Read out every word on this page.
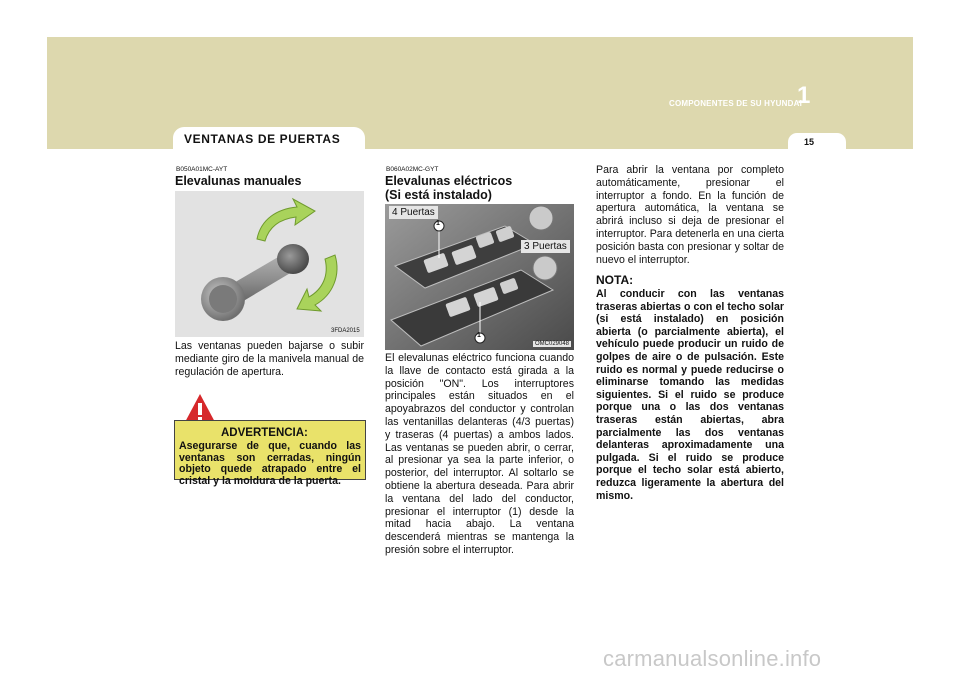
COMPONENTES DE SU HYUNDAI
1
15
VENTANAS DE PUERTAS
B050A01MC-AYT
Elevalunas manuales
3FDA2015
Las ventanas pueden bajarse o subir mediante giro de la manivela manual de regulación de apertura.
ADVERTENCIA:
Asegurarse de que, cuando las ventanas son cerradas, ningún objeto quede atrapado entre el cristal y la moldura de la puerta.
B060A02MC-GYT
Elevalunas eléctricos
(Si está instalado)
1
1
4 Puertas
3 Puertas
OMC029048
El elevalunas eléctrico funciona cuando la llave de contacto está girada a la posición "ON". Los interruptores principales están situados en el apoyabrazos del conductor y controlan las ventanillas delanteras (4/3 puertas) y traseras (4 puertas) a ambos lados. Las ventanas se pueden abrir, o cerrar, al presionar ya sea la parte inferior, o posterior, del interruptor. Al soltarlo se obtiene la abertura deseada. Para abrir la ventana del lado del conductor, presionar el interruptor (1) desde la mitad hacia abajo. La ventana descenderá mientras se mantenga la presión sobre el interruptor.
Para abrir la ventana por completo automáticamente, presionar el interruptor a fondo. En la función de apertura automática, la ventana se abrirá incluso si deja de presionar el interruptor. Para detenerla en una cierta posición basta con presionar y soltar de nuevo el interruptor.
NOTA:
Al conducir con las ventanas traseras abiertas o con el techo solar (si está instalado) en posición abierta (o parcialmente abierta), el vehículo puede producir un ruido de golpes de aire o de pulsación. Este ruido es normal y puede reducirse o eliminarse tomando las medidas siguientes. Si el ruido se produce porque una o las dos ventanas traseras están abiertas, abra parcialmente las dos ventanas delanteras aproximadamente una pulgada. Si el ruido se produce porque el techo solar está abierto, reduzca ligeramente la abertura del mismo.
carmanualsonline.info
